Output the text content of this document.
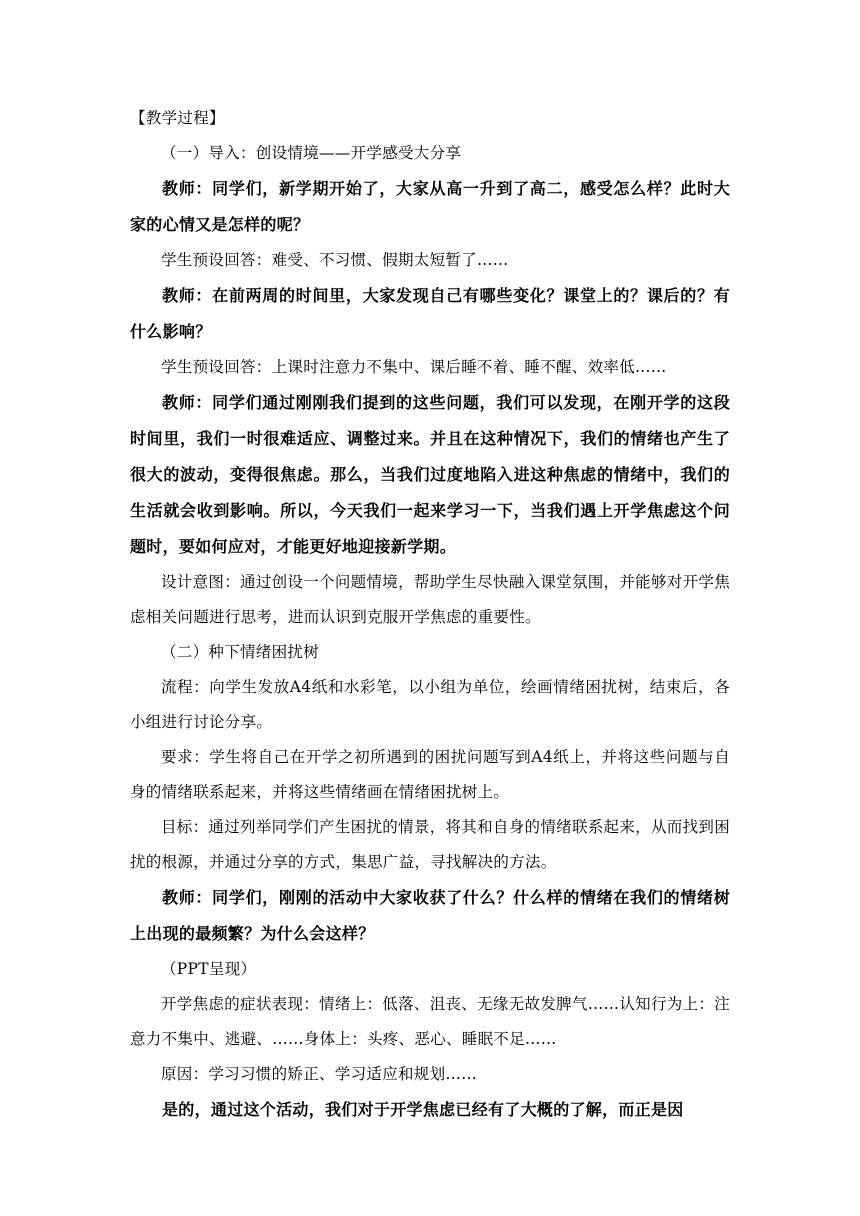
【教学过程】

（一）导入：创设情境——开学感受大分享

教师：同学们，新学期开始了，大家从高一升到了高二，感受怎么样？此时大家的心情又是怎样的呢？

学生预设回答：难受、不习惯、假期太短暂了……

教师：在前两周的时间里，大家发现自己有哪些变化？课堂上的？课后的？有什么影响？

学生预设回答：上课时注意力不集中、课后睡不着、睡不醒、效率低……

教师：同学们通过刚刚我们提到的这些问题，我们可以发现，在刚开学的这段时间里，我们一时很难适应、调整过来。并且在这种情况下，我们的情绪也产生了很大的波动，变得很焦虑。那么，当我们过度地陷入进这种焦虑的情绪中，我们的生活就会收到影响。所以，今天我们一起来学习一下，当我们遇上开学焦虑这个问题时，要如何应对，才能更好地迎接新学期。

设计意图：通过创设一个问题情境，帮助学生尽快融入课堂氛围，并能够对开学焦虑相关问题进行思考，进而认识到克服开学焦虑的重要性。

（二）种下情绪困扰树

流程：向学生发放A4纸和水彩笔，以小组为单位，绘画情绪困扰树，结束后，各小组进行讨论分享。

要求：学生将自己在开学之初所遇到的困扰问题写到A4纸上，并将这些问题与自身的情绪联系起来，并将这些情绪画在情绪困扰树上。

目标：通过列举同学们产生困扰的情景，将其和自身的情绪联系起来，从而找到困扰的根源，并通过分享的方式，集思广益，寻找解决的方法。

教师：同学们，刚刚的活动中大家收获了什么？什么样的情绪在我们的情绪树上出现的最频繁？为什么会这样？

（PPT呈现）

开学焦虑的症状表现：情绪上：低落、沮丧、无缘无故发脾气……认知行为上：注意力不集中、逃避、……身体上：头疼、恶心、睡眠不足……

原因：学习习惯的矫正、学习适应和规划……

是的，通过这个活动，我们对于开学焦虑已经有了大概的了解，而正是因
